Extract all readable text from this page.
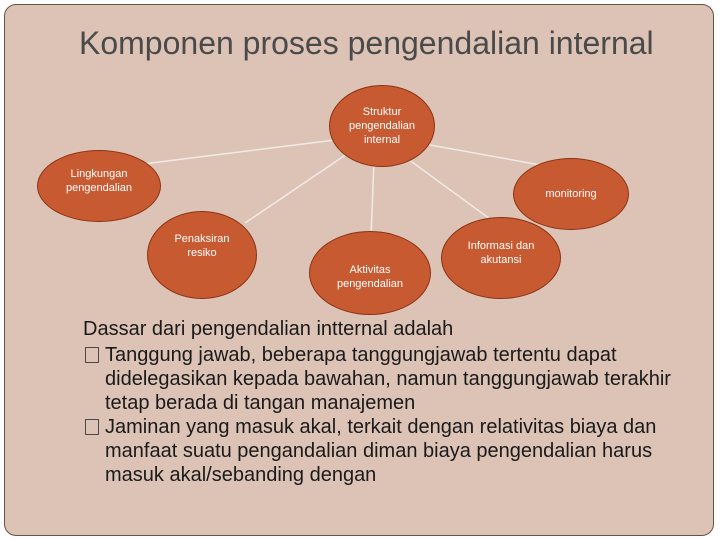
Komponen proses pengendalian internal
Struktur
pengendalian
internal
Lingkungan
pengendalian	monitoring
Penaksiran
resiko
Aktivitas
pengendalian
Informasi dan
akutansi

Dassar dari pengendalian intternal adalah

Tanggung jawab, beberapa tanggungjawab tertentu dapat didelegasikan kepada bawahan, namun tanggungjawab terakhir tetap berada di tangan manajemen

Jaminan yang masuk akal, terkait dengan relativitas biaya dan manfaat suatu pengandalian diman biaya pengendalian harus masuk akal/sebanding dengan
